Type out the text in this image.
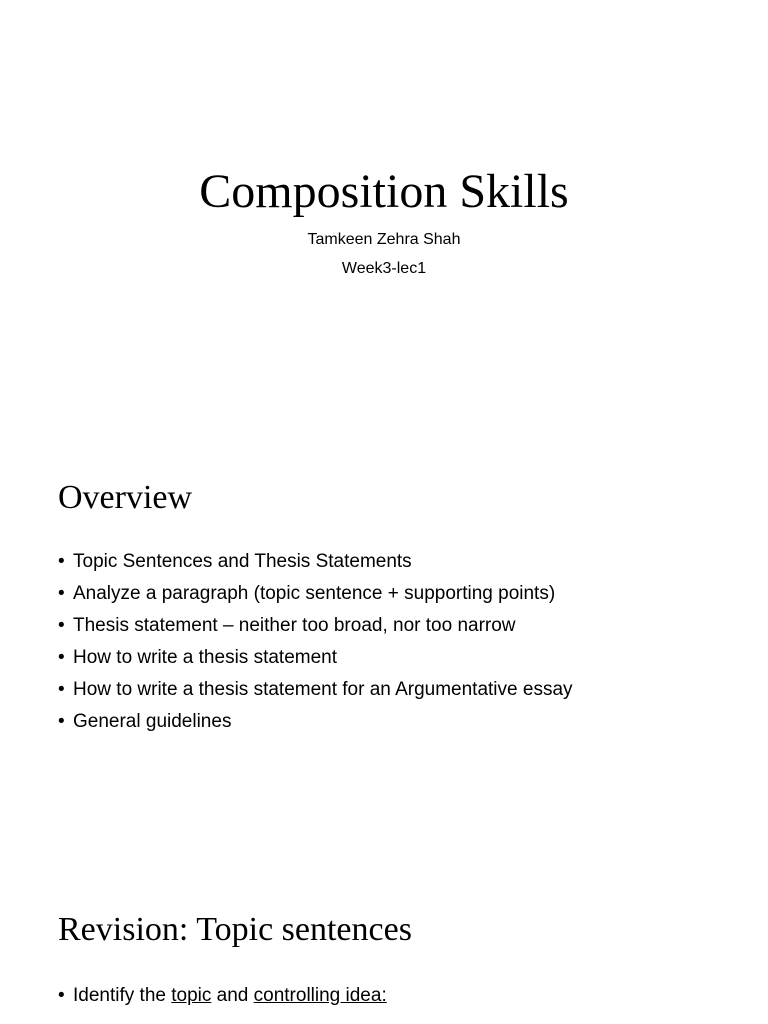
Composition Skills
Tamkeen Zehra Shah
Week3-lec1
Overview
• Topic Sentences and Thesis Statements
• Analyze a paragraph (topic sentence + supporting points)
• Thesis statement – neither too broad, nor too narrow
• How to write a thesis statement
• How to write a thesis statement for an Argumentative essay
• General guidelines
Revision: Topic sentences
• Identify the topic and controlling idea:
